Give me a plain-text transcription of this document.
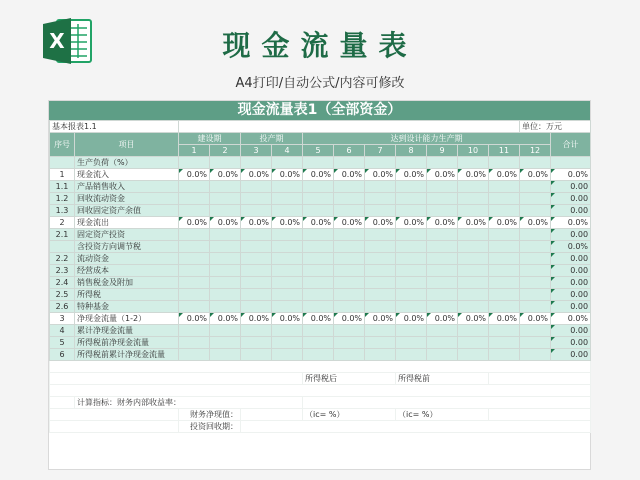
X	现金流量表
A4打印/自动公式/内容可修改
现金流量表1（全部资金）
基本报表1.1													单位：万元	
序号	项目	建设期		投产期		达到设计能力生产期								合计
		1	2	3	4	5	6	7	8	9	10	11	12	
	生产负荷（%）													
1	现金流入	0.0%	0.0%	0.0%	0.0%	0.0%	0.0%	0.0%	0.0%	0.0%	0.0%	0.0%	0.0%	0.0%
1.1	产品销售收入													0.00
1.2	回收流动资金													0.00
1.3	回收固定资产余值													0.00
2	现金流出	0.0%	0.0%	0.0%	0.0%	0.0%	0.0%	0.0%	0.0%	0.0%	0.0%	0.0%	0.0%	0.0%
2.1	固定资产投资													0.00
	含投资方向调节税													0.0%
2.2	流动资金													0.00
2.3	经营成本													0.00
2.4	销售税金及附加													0.00
2.5	所得税													0.00
2.6	特种基金													0.00
3	净现金流量（1-2）	0.0%	0.0%	0.0%	0.0%	0.0%	0.0%	0.0%	0.0%	0.0%	0.0%	0.0%	0.0%	0.0%
4	累计净现金流量													0.00
5	所得税前净现金流量													0.00
6	所得税前累计净现金流量													0.00

						所得税后			所得税前					

	计算指标：财务内部收益率：													
		财务净现值：				（ic= %）			（ic= %）					
		投资回收期：												
